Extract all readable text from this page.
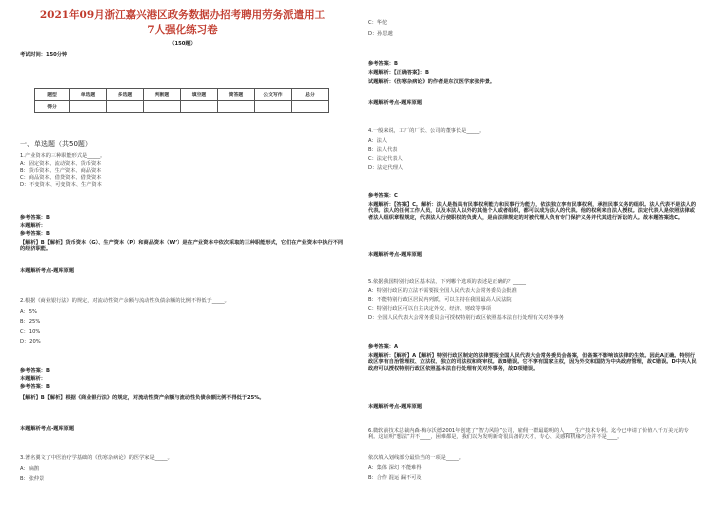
2021年09月浙江嘉兴港区政务数据办招考聘用劳务派遣用工
7人强化练习卷
（150题）
考试时间：150分钟
题型	单选题	多选题	判断题	填空题	简答题	公文写作	总分
得分							
一、单选题（共50题）
1.产业资本的三种职能形式是_____。
A：固定资本、流动资本、货币资本
B：货币资本、生产资本、商品资本
C：商品资本、借贷资本、借贷资本
D：不变资本、可变资本、生产资本
参考答案：B
本题解析：
参考答案：B
【解析】B【解析】货币资本（G）、生产资本（P）和商品资本（W’）是在产业资本中依次采取的三种职能形式，它们在产业资本中执行不同的经济职能。
本题解析考点-题库原题
2.根据《商业银行法》的规定，对流动性资产余额与流动性负债余额的比例不得低于_____。
A：5%
B：25%
C：10%
D：20%
参考答案：B
本题解析：
参考答案：B
【解析】B【解析】根据《商业银行法》的规定，对流动性资产余额与流动性负债余额比例不得低于25%。
本题解析考点-题库原题
3.著名翼文了中医治疗学基础的《伤寒杂病论》的医学家是_____。
A：扁鹊
B：张仲景
C：华佗
D：孙思邈
参考答案：B
本题解析：【正确答案】：B
试题解析：《伤寒杂病论》的作者是东汉医学家张仲景。
本题解析考点-题库原题
4.一般来说，工厂的厂长、公司的董事长是_____。
A：法人
B：法人代表
C：法定代表人
D：法定代理人
参考答案：C
本题解析：【答案】C。解析：法人是指具有民事权利能力和民事行为能力，依法独立享有民事权利，承担民事义务的组织。法人代表不是法人的代表。法人的任何工作人员，以及本法人以外的其他个人或者组织，都可以成为法人的代表。他的权利来自法人授权。法定代表人是依照法律或者法人组织章程规定，代表法人行使职权的负责人，是由法律规定的对被代理人负有专门保护义务并代其进行诉讼的人。故本题答案选C。
本题解析考点-题库原题
5.依据我国特别行政区基本法，下列哪个选项的表述是正确的？_____
A：特别行政区的立法不需要报全国人民代表大会常务委员会批准
B：不能特别行政区居民内列派，可以主持在我国最高人民法院
C：特别行政区可以自主决定外交、经济、财政等事项
D：全国人民代表大会常务委员会可授权特别行政区依照基本法自行处理有关对外事务
参考答案：A
本题解析：【解析】A【解析】特别行政区制定的法律要报全国人民代表大会常务委员会备案，但备案不影响该法律的生效。因此A正确。特别行政区享有自治管理权、立法权、独立的司法权和终审权。故B错误。它不享有国家主权，因为外交和国防为中央政府管理，故C错误。D中央人民政府可以授权特别行政区依照基本法自行处理有关对外事务，故D项错误。
本题解析考点-题库原题
6.微软前技术总裁内森·梅尔沃德2001年创建了“智力风险”公司，雇佣一群最聪明的人____生产技术专利。迄今已申请了价值八千万美元的专利。这证明“想法”并不____，困难都是，我们以为发明新奇很具备的天才，专心、灵感和机缘巧合并不是____。
依次填入划线部分最恰当的一项是_____。
A：集体 深幻 不能难得
B：合作 混运 漏不可及
